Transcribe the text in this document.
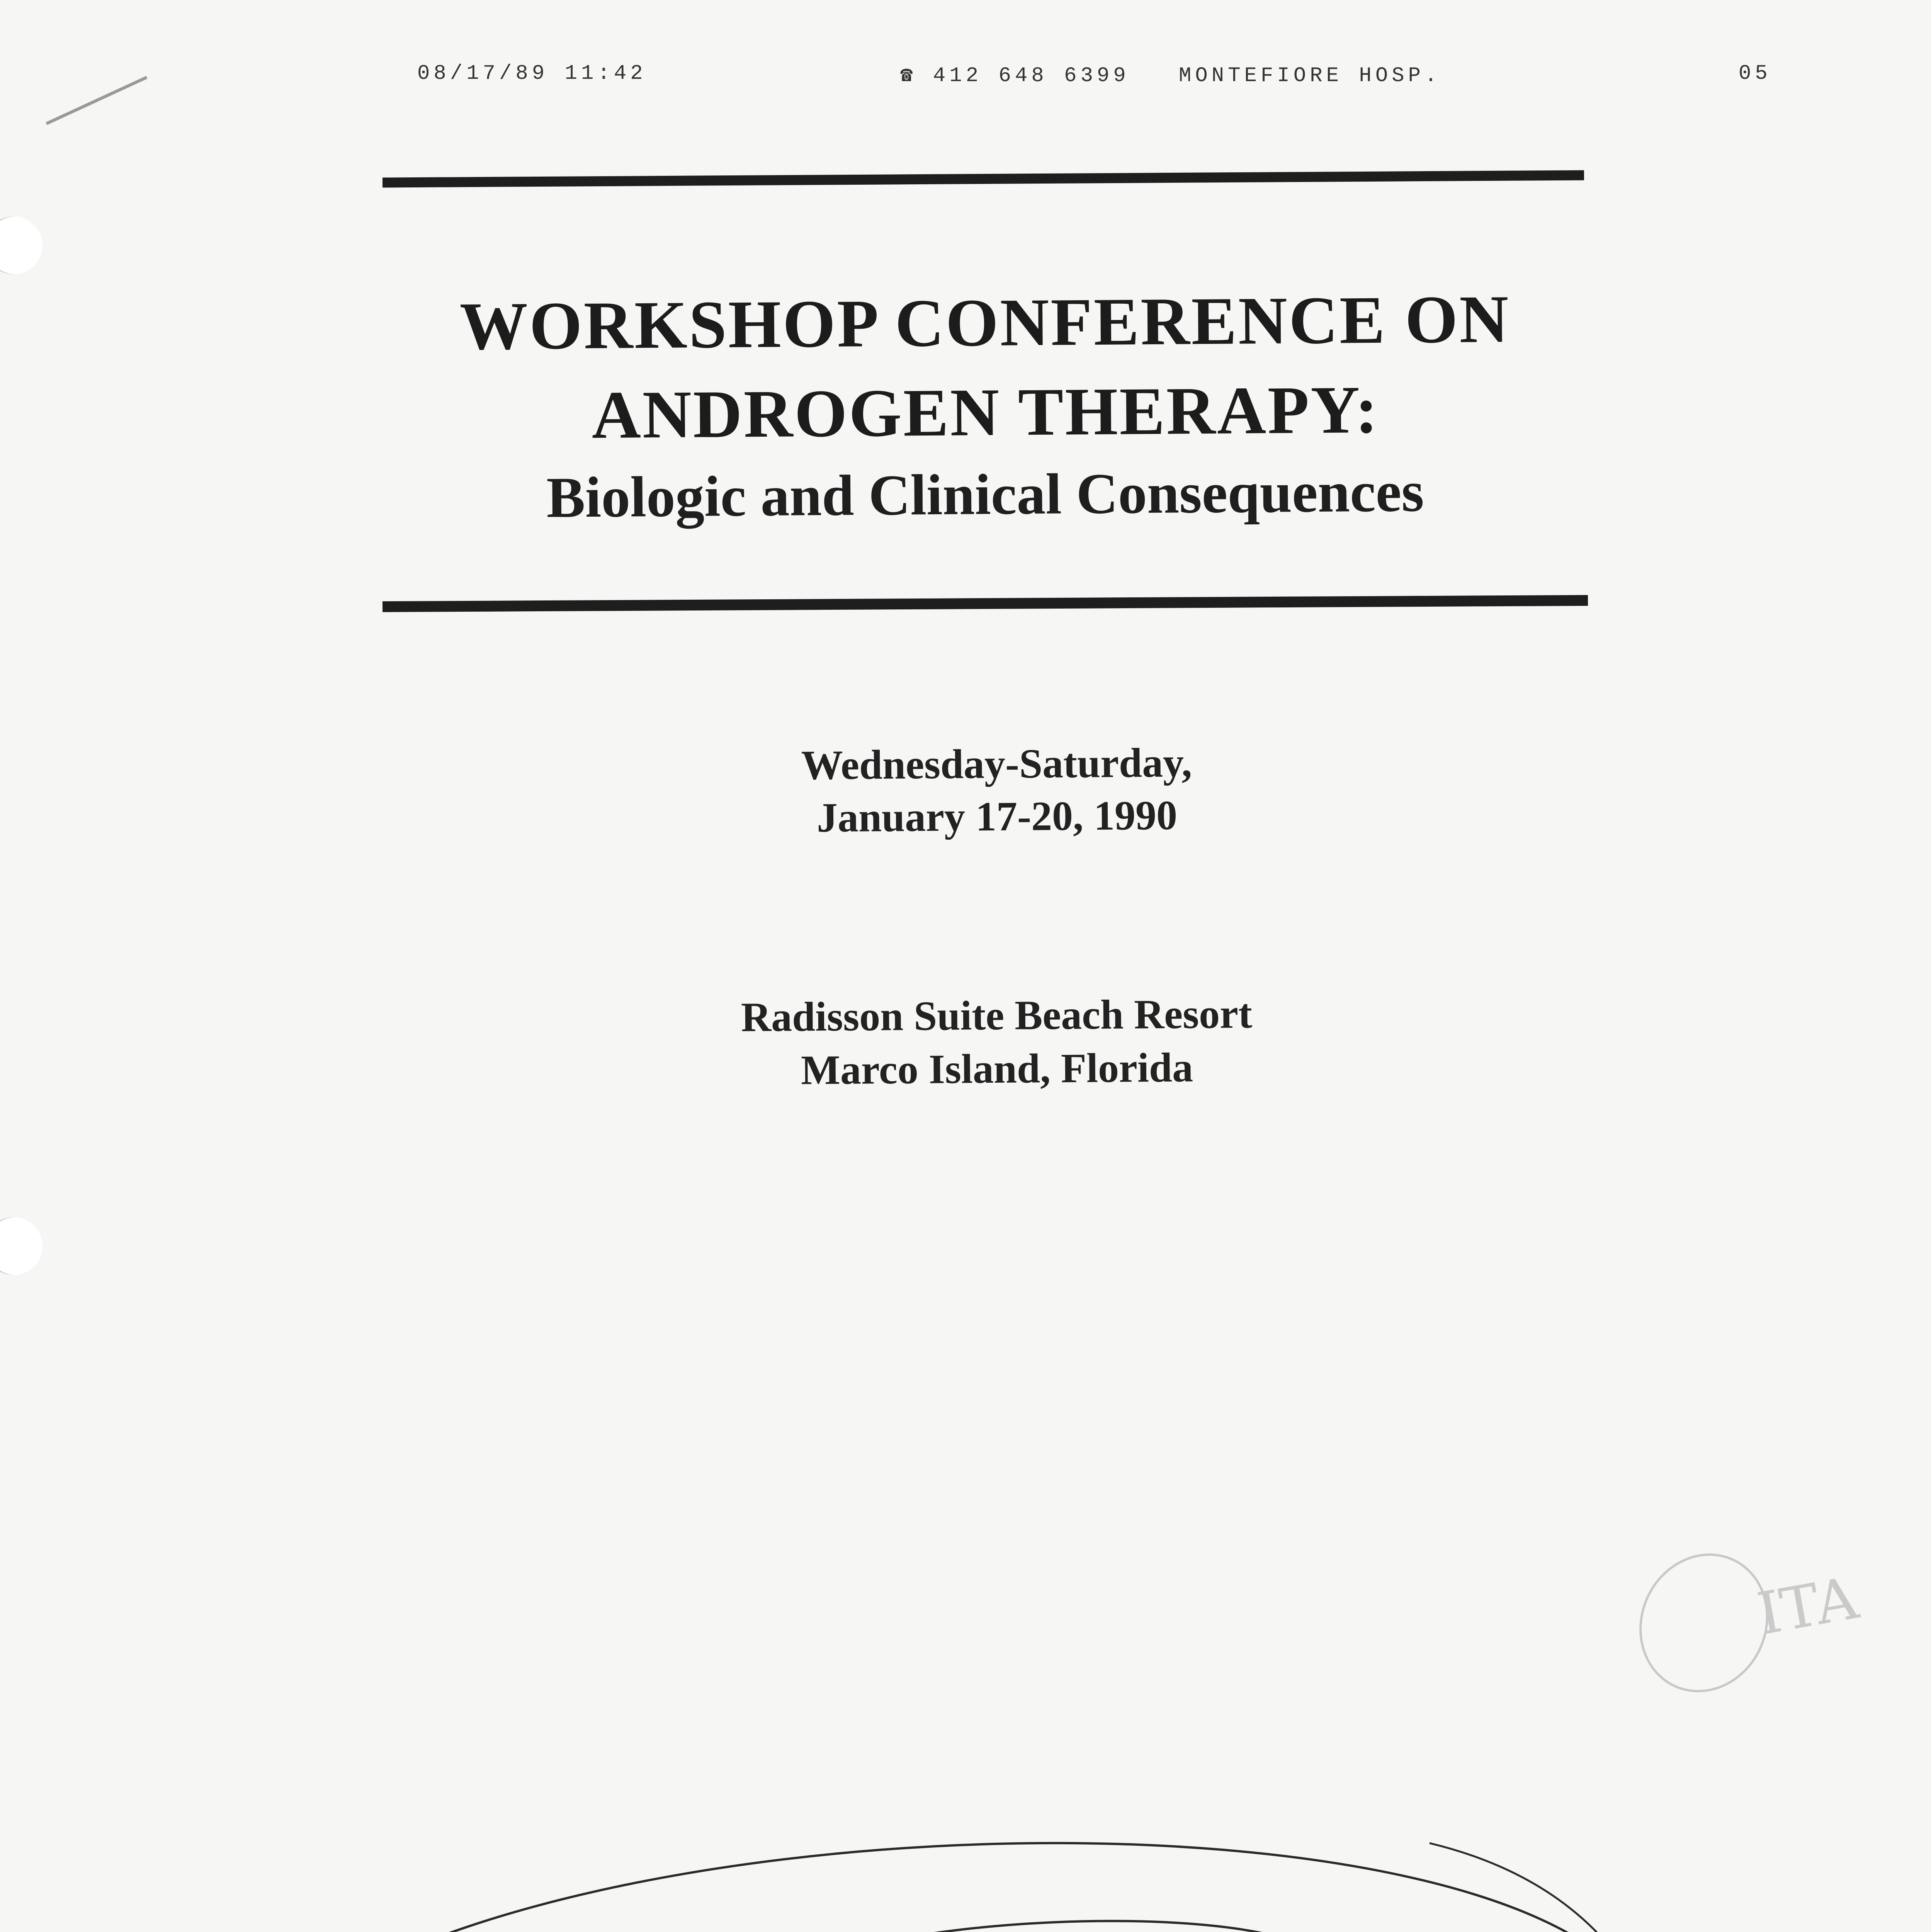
08/17/89 11:42	☎ 412 648 6399 MONTEFIORE HOSP.	05
WORKSHOP CONFERENCE ON
ANDROGEN THERAPY:
Biologic and Clinical Consequences
Wednesday-Saturday,
January 17-20, 1990
Radisson Suite Beach Resort
Marco Island, Florida

ITA
